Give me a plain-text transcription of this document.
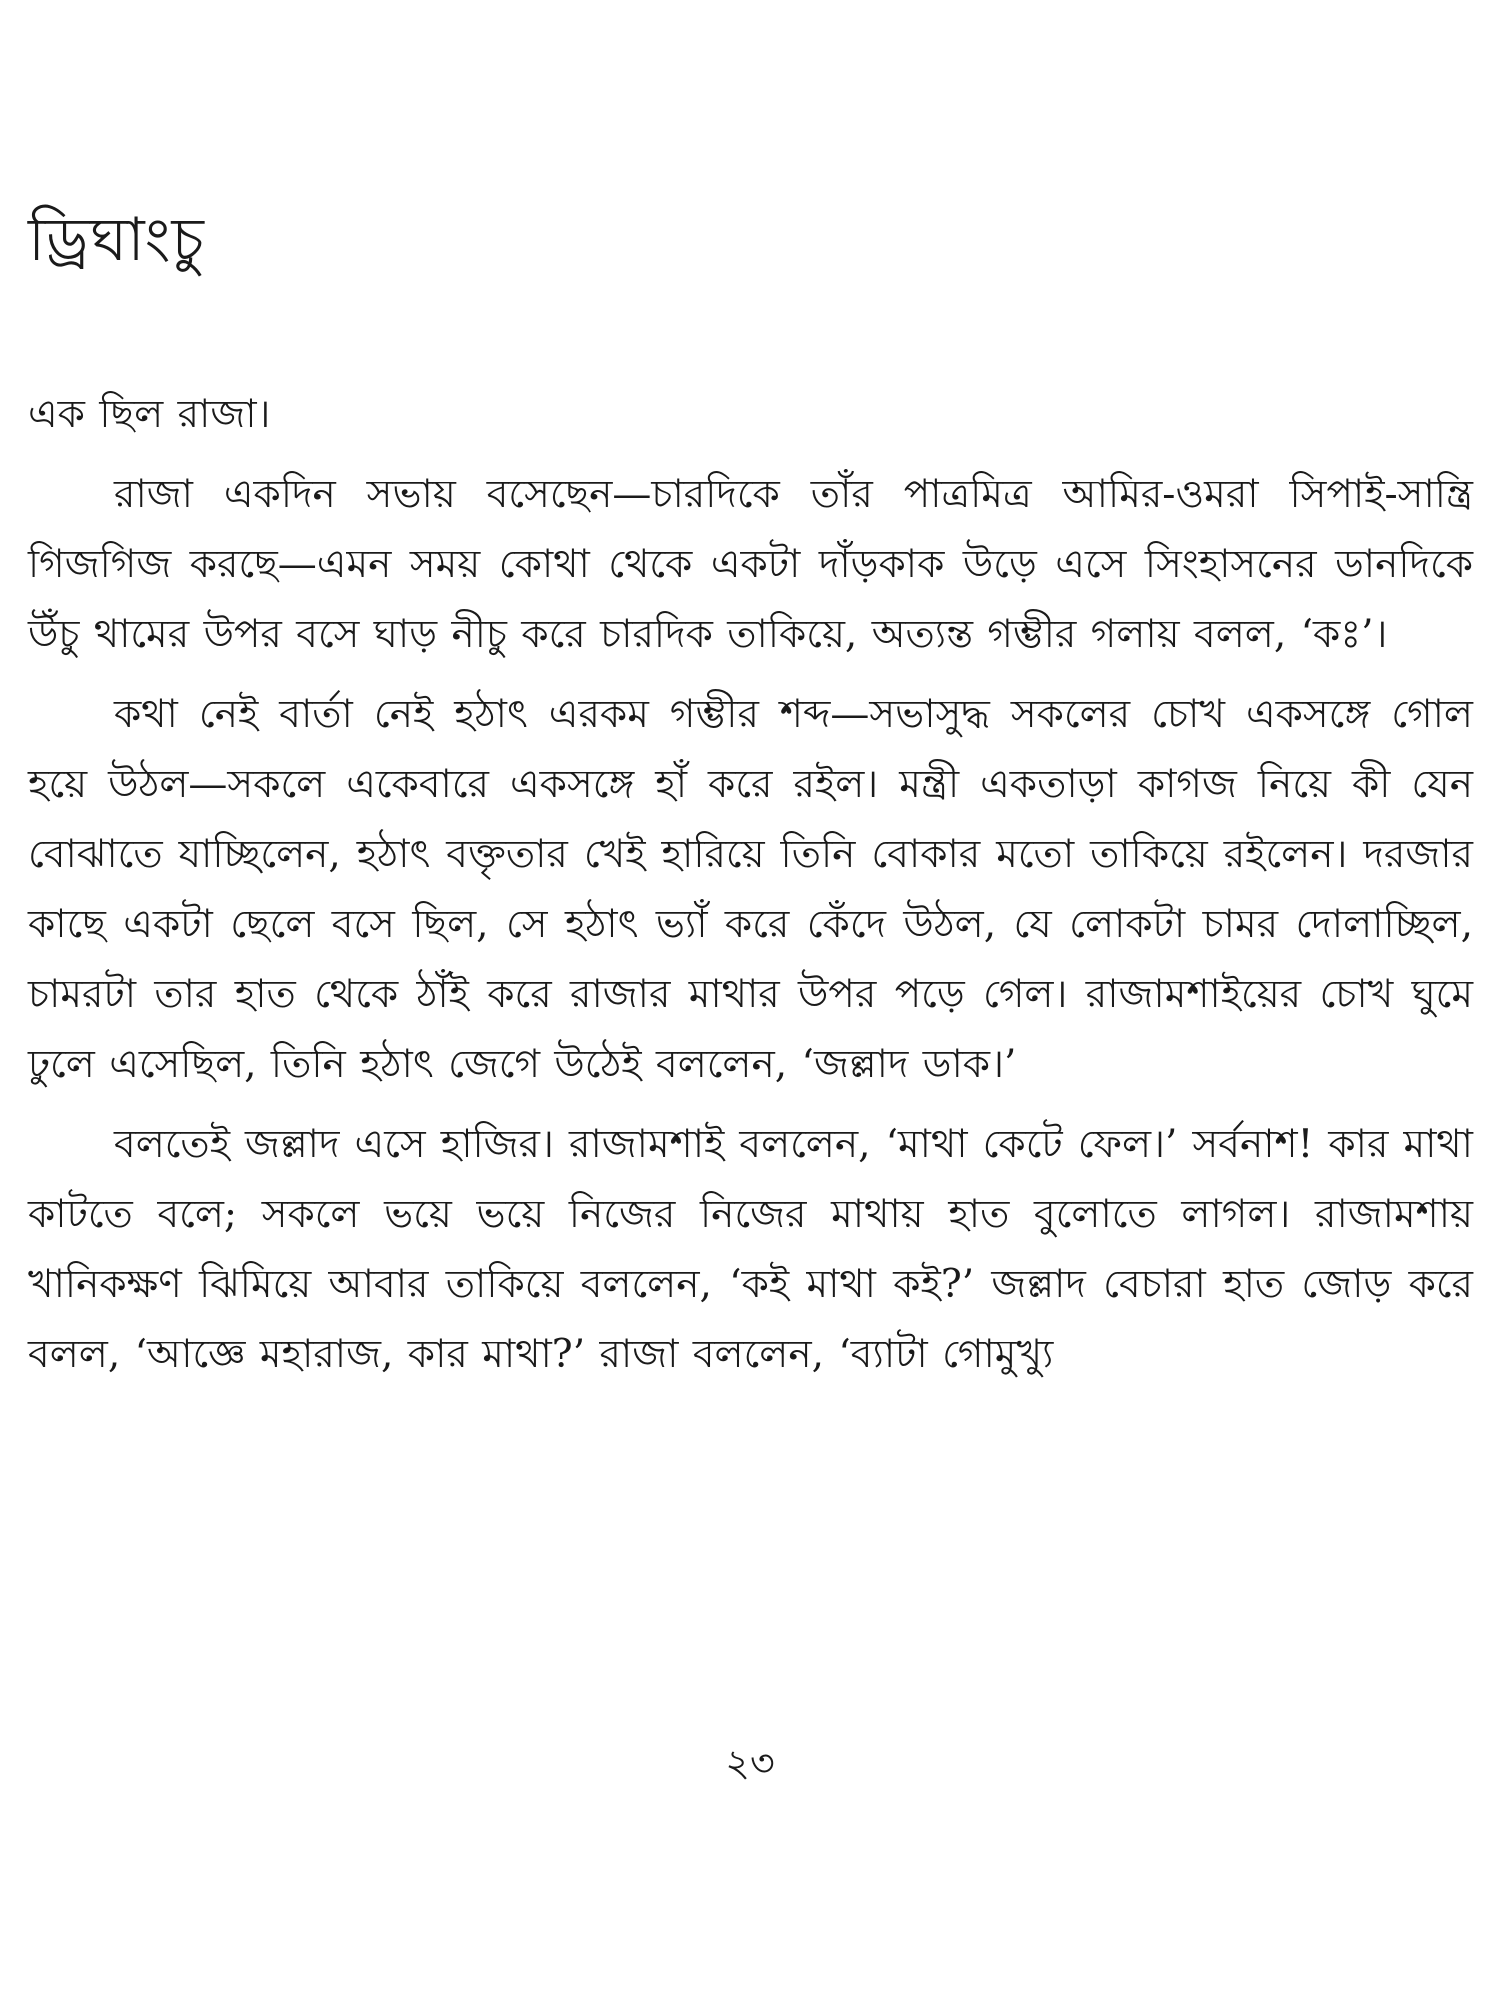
ড্রিঘাংচু

এক ছিল রাজা।

রাজা একদিন সভায় বসেছেন—চারদিকে তাঁর পাত্রমিত্র আমির-ওমরা সিপাই-সান্ত্রি গিজগিজ করছে—এমন সময় কোথা থেকে একটা দাঁড়কাক উড়ে এসে সিংহাসনের ডানদিকে উঁচু থামের উপর বসে ঘাড় নীচু করে চারদিক তাকিয়ে, অত্যন্ত গম্ভীর গলায় বলল, ‘কঃ’।

কথা নেই বার্তা নেই হঠাৎ এরকম গম্ভীর শব্দ—সভাসুদ্ধ সকলের চোখ একসঙ্গে গোল হয়ে উঠল—সকলে একেবারে একসঙ্গে হাঁ করে রইল। মন্ত্রী একতাড়া কাগজ নিয়ে কী যেন বোঝাতে যাচ্ছিলেন, হঠাৎ বক্তৃতার খেই হারিয়ে তিনি বোকার মতো তাকিয়ে রইলেন। দরজার কাছে একটা ছেলে বসে ছিল, সে হঠাৎ ভ্যাঁ করে কেঁদে উঠল, যে লোকটা চামর দোলাচ্ছিল, চামরটা তার হাত থেকে ঠাঁই করে রাজার মাথার উপর পড়ে গেল। রাজামশাইয়ের চোখ ঘুমে ঢুলে এসেছিল, তিনি হঠাৎ জেগে উঠেই বললেন, ‘জল্লাদ ডাক।’

বলতেই জল্লাদ এসে হাজির। রাজামশাই বললেন, ‘মাথা কেটে ফেল।’ সর্বনাশ! কার মাথা কাটতে বলে; সকলে ভয়ে ভয়ে নিজের নিজের মাথায় হাত বুলোতে লাগল। রাজামশায় খানিকক্ষণ ঝিমিয়ে আবার তাকিয়ে বললেন, ‘কই মাথা কই?’ জল্লাদ বেচারা হাত জোড় করে বলল, ‘আজ্ঞে মহারাজ, কার মাথা?’ রাজা বললেন, ‘ব্যাটা গোমুখ্যু

২৩
